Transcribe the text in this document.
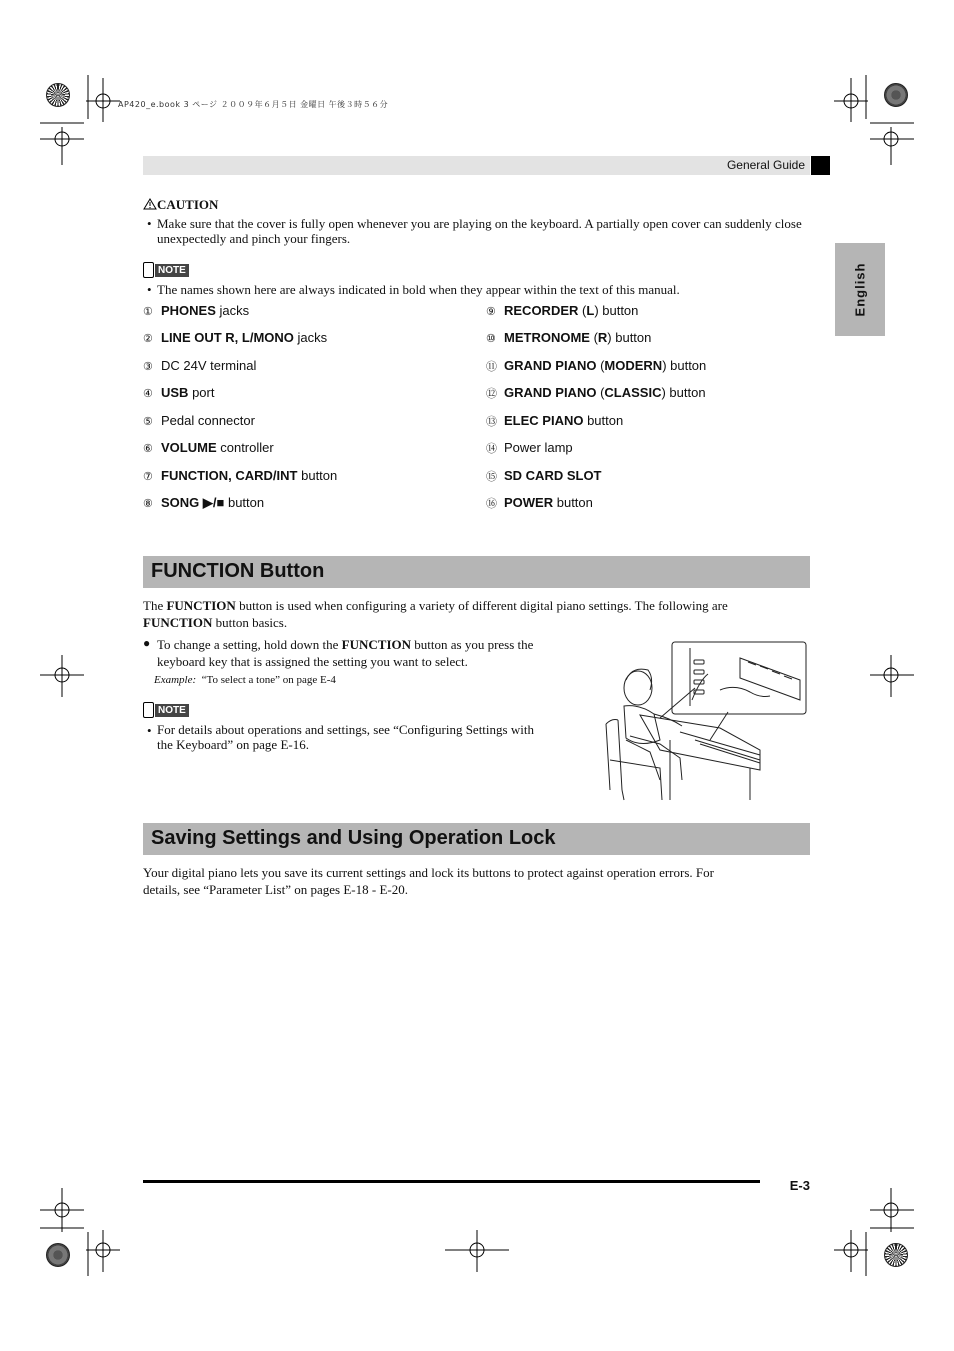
AP420_e.book 3 ページ ２００９年６月５日 金曜日 午後３時５６分
General Guide
English
CAUTION
• Make sure that the cover is fully open whenever you are playing on the keyboard. A partially open cover can suddenly close unexpectedly and pinch your fingers.
NOTE
• The names shown here are always indicated in bold when they appear within the text of this manual.
① PHONES jacks
② LINE OUT R, L/MONO jacks
③ DC 24V terminal
④ USB port
⑤ Pedal connector
⑥ VOLUME controller
⑦ FUNCTION, CARD/INT button
⑧ SONG ▶/■ button
⑨ RECORDER (L) button
⑩ METRONOME (R) button
⑪ GRAND PIANO (MODERN) button
⑫ GRAND PIANO (CLASSIC) button
⑬ ELEC PIANO button
⑭ Power lamp
⑮ SD CARD SLOT
⑯ POWER button
FUNCTION Button
The FUNCTION button is used when configuring a variety of different digital piano settings. The following are
FUNCTION button basics.
● To change a setting, hold down the FUNCTION button as you press the
keyboard key that is assigned the setting you want to select.
Example: “To select a tone” on page E-4
NOTE
• For details about operations and settings, see “Configuring Settings with
the Keyboard” on page E-16.
Saving Settings and Using Operation Lock
Your digital piano lets you save its current settings and lock its buttons to protect against operation errors. For
details, see “Parameter List” on pages E-18 - E-20.
E-3
